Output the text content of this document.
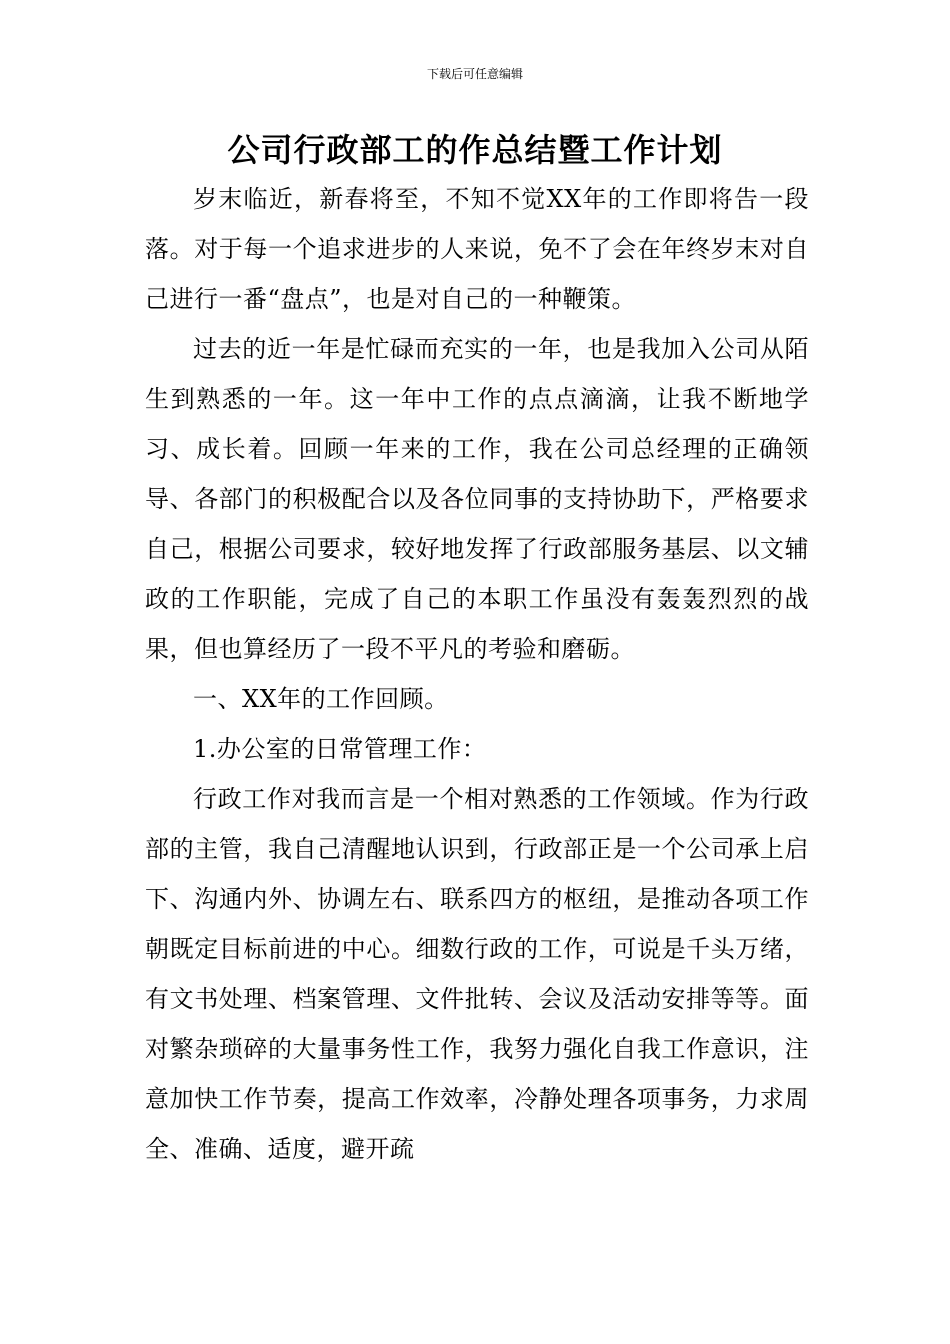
下载后可任意编辑
公司行政部工的作总结暨工作计划

岁末临近，新春将至，不知不觉XX年的工作即将告一段落。对于每一个追求进步的人来说，免不了会在年终岁末对自己进行一番“盘点”，也是对自己的一种鞭策。

过去的近一年是忙碌而充实的一年，也是我加入公司从陌生到熟悉的一年。这一年中工作的点点滴滴，让我不断地学习、成长着。回顾一年来的工作，我在公司总经理的正确领导、各部门的积极配合以及各位同事的支持协助下，严格要求自己，根据公司要求，较好地发挥了行政部服务基层、以文辅政的工作职能，完成了自己的本职工作虽没有轰轰烈烈的战果，但也算经历了一段不平凡的考验和磨砺。

一、XX年的工作回顾。

1.办公室的日常管理工作：

行政工作对我而言是一个相对熟悉的工作领域。作为行政部的主管，我自己清醒地认识到，行政部正是一个公司承上启下、沟通内外、协调左右、联系四方的枢纽，是推动各项工作朝既定目标前进的中心。细数行政的工作，可说是千头万绪，有文书处理、档案管理、文件批转、会议及活动安排等等。面对繁杂琐碎的大量事务性工作，我努力强化自我工作意识，注意加快工作节奏，提高工作效率，冷静处理各项事务，力求周全、准确、适度，避开疏
